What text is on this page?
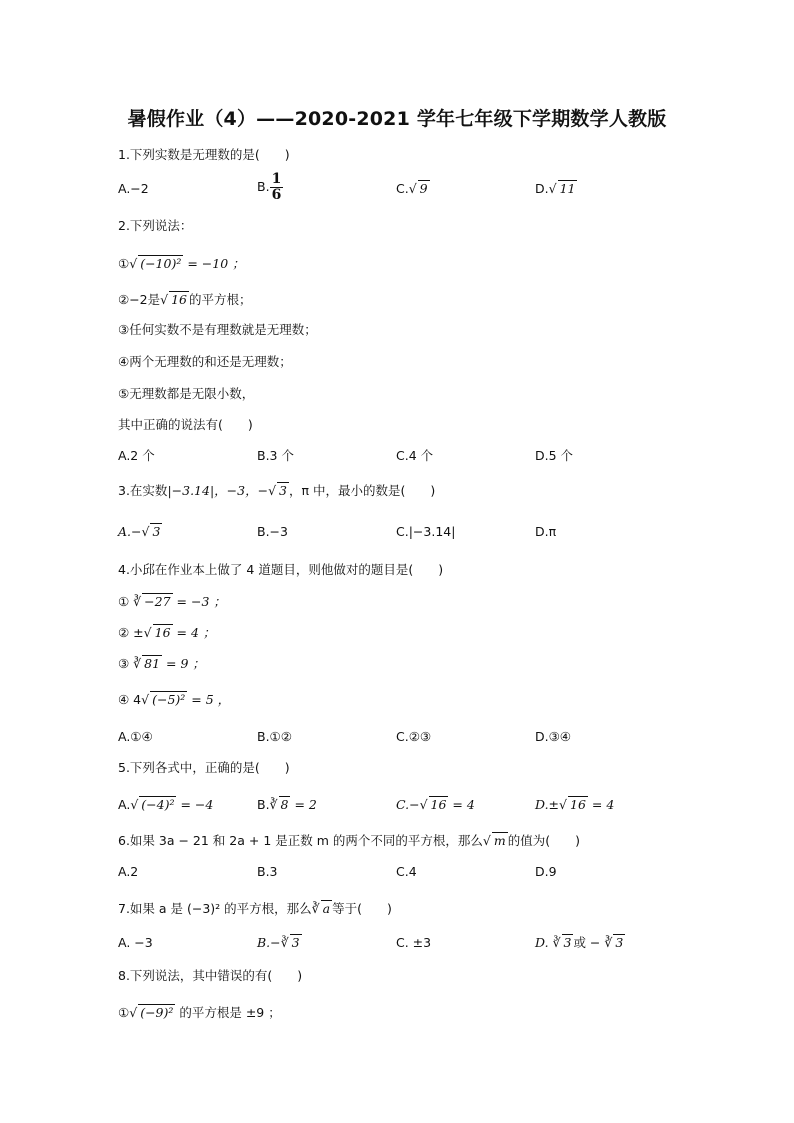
暑假作业（4）——2020-2021 学年七年级下学期数学人教版
1.下列实数是无理数的是(　　)
A.−2	B. $\frac{1}{6}$	C.√ 9	D.√ 11
2.下列说法：
①√ (−10)² = −10 ；
②−2是√ 16 的平方根；
③任何实数不是有理数就是无理数；
④两个无理数的和还是无理数；
⑤无理数都是无限小数，
其中正确的说法有(　　)
A.2 个	B.3 个	C.4 个	D.5 个
3.在实数|−3.14|，−3，−√ 3 ，π 中，最小的数是(　　)
A.−√ 3	B.−3	C.|−3.14|	D.π
4.小邱在作业本上做了 4 道题目，则他做对的题目是(　　)
① ∛ −27 = −3 ；
② ±√ 16 = 4 ；
③ ∛ 81 = 9 ；
④ 4√ (−5)² = 5 ，
A.①④	B.①②	C.②③	D.③④
5.下列各式中，正确的是(　　)
A.√ (−4)² = −4	B.∛ 8 = 2	C.−√ 16 = 4	D.±√ 16 = 4
6.如果 3a − 21 和 2a + 1 是正数 m 的两个不同的平方根，那么√ m 的值为(　　)
A.2	B.3	C.4	D.9
7.如果 a 是 (−3)² 的平方根，那么∛ a 等于(　　)
A. −3	B.−∛ 3	C. ±3	D. ∛ 3 或 − ∛ 3
8.下列说法，其中错误的有(　　)
①√ (−9)² 的平方根是 ±9 ；
